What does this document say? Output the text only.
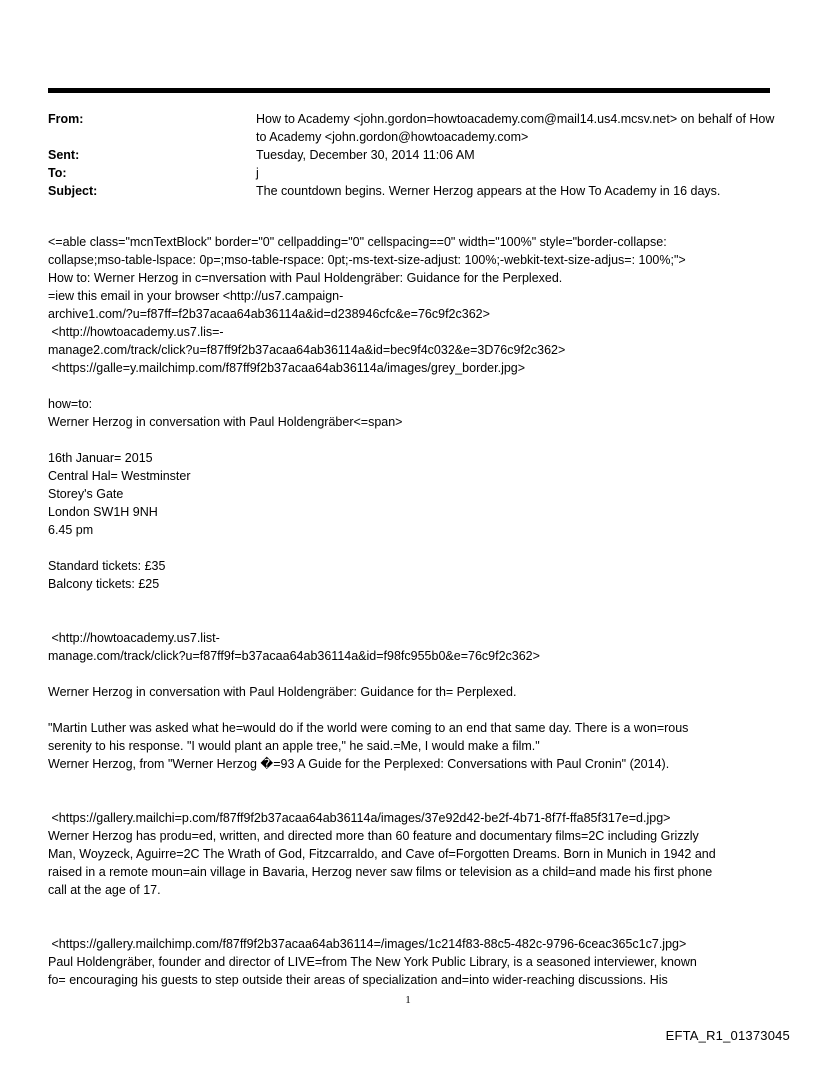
From:	How to Academy <john.gordon=howtoacademy.com@mail14.us4.mcsv.net> on behalf of How to Academy <john.gordon@howtoacademy.com>
Sent:	Tuesday, December 30, 2014 11:06 AM
To:	j
Subject:	The countdown begins. Werner Herzog appears at the How To Academy in 16 days.

<=able class="mcnTextBlock" border="0" cellpadding="0" cellspacing==0" width="100%" style="border-collapse:

collapse;mso-table-lspace: 0p=;mso-table-rspace: 0pt;-ms-text-size-adjust: 100%;-webkit-text-size-adjus=: 100%;">

How to: Werner Herzog in c=nversation with Paul Holdengräber: Guidance for the Perplexed.

=iew this email in your browser <http://us7.campaign-

archive1.com/?u=f87ff=f2b37acaa64ab36114a&id=d238946cfc&e=76c9f2c362>

<http://howtoacademy.us7.lis=-

manage2.com/track/click?u=f87ff9f2b37acaa64ab36114a&id=bec9f4c032&e=3D76c9f2c362>

<https://galle=y.mailchimp.com/f87ff9f2b37acaa64ab36114a/images/grey_border.jpg>

how=to:

Werner Herzog in conversation with Paul Holdengräber<=span>

16th Januar= 2015

Central Hal= Westminster

Storey's Gate

London SW1H 9NH

6.45 pm

Standard tickets: £35

Balcony tickets: £25

<http://howtoacademy.us7.list-

manage.com/track/click?u=f87ff9f=b37acaa64ab36114a&id=f98fc955b0&e=76c9f2c362>

Werner Herzog in conversation with Paul Holdengräber: Guidance for th= Perplexed.

"Martin Luther was asked what he=would do if the world were coming to an end that same day. There is a won=rous

serenity to his response. "I would plant an apple tree," he said.=Me, I would make a film."

Werner Herzog, from "Werner Herzog �=93 A Guide for the Perplexed: Conversations with Paul Cronin" (2014).

<https://gallery.mailchi=p.com/f87ff9f2b37acaa64ab36114a/images/37e92d42-be2f-4b71-8f7f-ffa85f317e=d.jpg>

Werner Herzog has produ=ed, written, and directed more than 60 feature and documentary films=2C including Grizzly

Man, Woyzeck, Aguirre=2C The Wrath of God, Fitzcarraldo, and Cave of=Forgotten Dreams. Born in Munich in 1942 and

raised in a remote moun=ain village in Bavaria, Herzog never saw films or television as a child=and made his first phone

call at the age of 17.

<https://gallery.mailchimp.com/f87ff9f2b37acaa64ab36114=/images/1c214f83-88c5-482c-9796-6ceac365c1c7.jpg>

Paul Holdengräber, founder and director of LIVE=from The New York Public Library, is a seasoned interviewer, known

fo= encouraging his guests to step outside their areas of specialization and=into wider-reaching discussions. His

1
EFTA_R1_01373045
